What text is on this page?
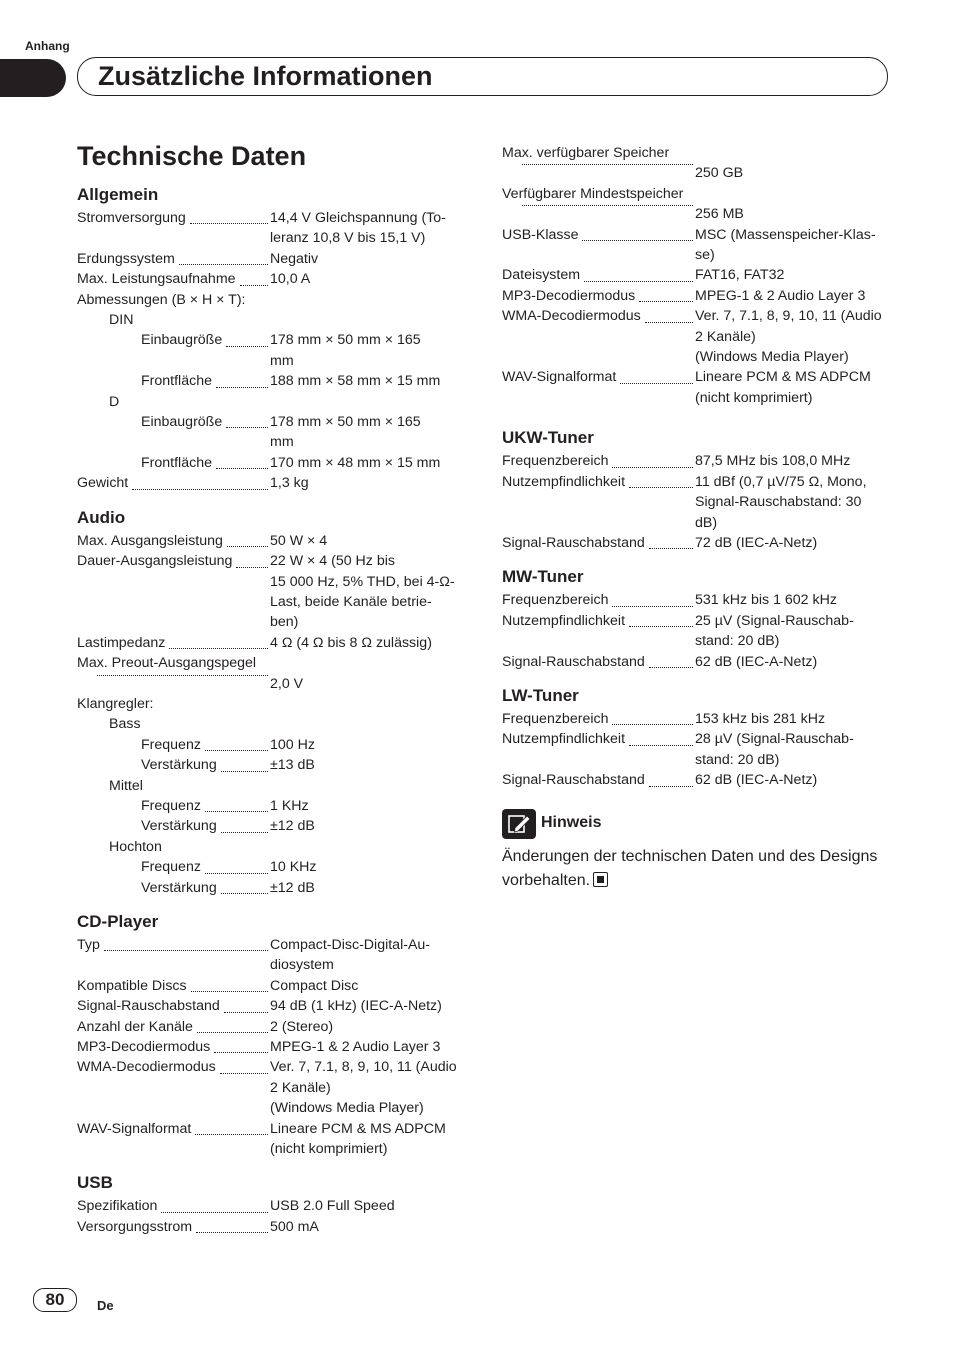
Anhang
Zusätzliche Informationen
Technische Daten
Allgemein
Stromversorgung	14,4 V Gleichspannung (To-
leranz 10,8 V bis 15,1 V)
Erdungssystem	Negativ
Max. Leistungsaufnahme 10,0 A
Abmessungen (B × H × T):
DIN
Einbaugröße	178 mm × 50 mm × 165
mm
Frontfläche	188 mm × 58 mm × 15 mm
D
Einbaugröße	178 mm × 50 mm × 165
mm
Frontfläche	170 mm × 48 mm × 15 mm
Gewicht	1,3 kg
Audio
Max. Ausgangsleistung	50 W × 4
Dauer-Ausgangsleistung	22 W × 4 (50 Hz bis
15 000 Hz, 5% THD, bei 4-Ω-
Last, beide Kanäle betrie-
ben)
Lastimpedanz	4 Ω (4 Ω bis 8 Ω zulässig)
Max. Preout-Ausgangspegel
2,0 V
Klangregler:
Bass
Frequenz	100 Hz
Verstärkung	±13 dB
Mittel
Frequenz	1 KHz
Verstärkung	±12 dB
Hochton
Frequenz	10 KHz
Verstärkung	±12 dB
CD-Player
Typ	Compact-Disc-Digital-Au-
diosystem
Kompatible Discs	Compact Disc
Signal-Rauschabstand	94 dB (1 kHz) (IEC-A-Netz)
Anzahl der Kanäle	2 (Stereo)
MP3-Decodiermodus	MPEG-1 & 2 Audio Layer 3
WMA-Decodiermodus	Ver. 7, 7.1, 8, 9, 10, 11 (Audio
2 Kanäle)
(Windows Media Player)
WAV-Signalformat	Lineare PCM & MS ADPCM
(nicht komprimiert)
USB
Spezifikation	USB 2.0 Full Speed
Versorgungsstrom	500 mA
Max. verfügbarer Speicher
250 GB
Verfügbarer Mindestspeicher
256 MB
USB-Klasse	MSC (Massenspeicher-Klas-
se)
Dateisystem	FAT16, FAT32
MP3-Decodiermodus	MPEG-1 & 2 Audio Layer 3
WMA-Decodiermodus	Ver. 7, 7.1, 8, 9, 10, 11 (Audio
2 Kanäle)
(Windows Media Player)
WAV-Signalformat	Lineare PCM & MS ADPCM
(nicht komprimiert)
UKW-Tuner
Frequenzbereich	87,5 MHz bis 108,0 MHz
Nutzempfindlichkeit	11 dBf (0,7 µV/75 Ω, Mono,
Signal-Rauschabstand: 30
dB)
Signal-Rauschabstand	72 dB (IEC-A-Netz)
MW-Tuner
Frequenzbereich	531 kHz bis 1 602 kHz
Nutzempfindlichkeit	25 µV (Signal-Rauschab-
stand: 20 dB)
Signal-Rauschabstand	62 dB (IEC-A-Netz)
LW-Tuner
Frequenzbereich	153 kHz bis 281 kHz
Nutzempfindlichkeit	28 µV (Signal-Rauschab-
stand: 20 dB)
Signal-Rauschabstand	62 dB (IEC-A-Netz)
Hinweis
Änderungen der technischen Daten und des Designs vorbehalten.
80	De
